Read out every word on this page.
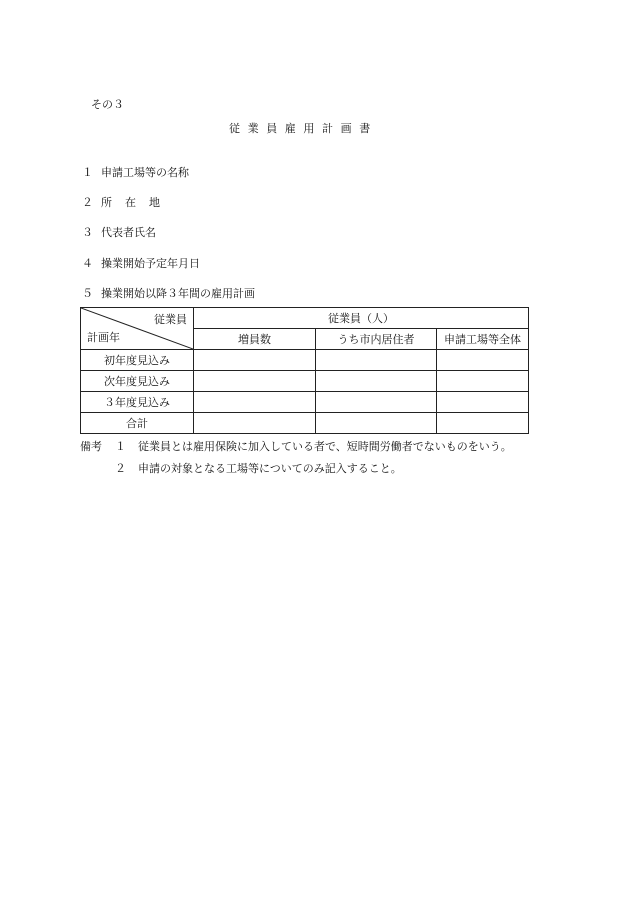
その３
従業員雇用計画書
１ 申請工場等の名称
２ 所在地
３ 代表者氏名
４ 操業開始予定年月日
５ 操業開始以降３年間の雇用計画
従業員
計画年	従業員（人）		
	増員数	うち市内居住者	申請工場等全体
初年度見込み			
次年度見込み			
３年度見込み			
合計			
備考 １ 従業員とは雇用保険に加入している者で、短時間労働者でないものをいう。
２ 申請の対象となる工場等についてのみ記入すること。
